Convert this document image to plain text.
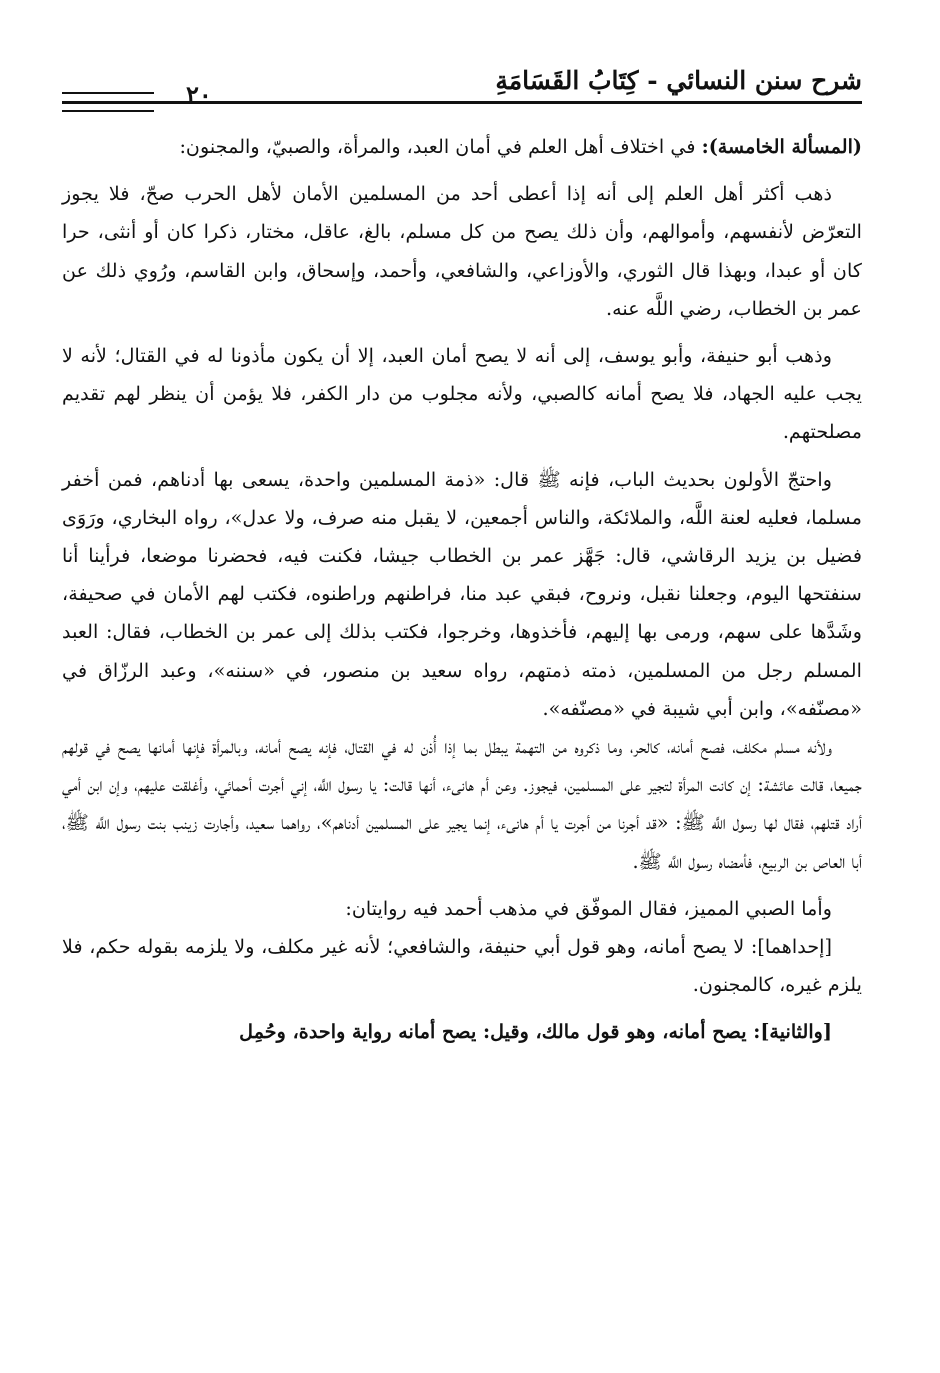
شرح سنن النسائي - كِتَابُ القَسَامَةِ
٢٠

(المسألة الخامسة): في اختلاف أهل العلم في أمان العبد، والمرأة، والصبيّ، والمجنون:

ذهب أكثر أهل العلم إلى أنه إذا أعطى أحد من المسلمين الأمان لأهل الحرب صحّ، فلا يجوز التعرّض لأنفسهم، وأموالهم، وأن ذلك يصح من كل مسلم، بالغ، عاقل، مختار، ذكرا كان أو أنثى، حرا كان أو عبدا، وبهذا قال الثوري، والأوزاعي، والشافعي، وأحمد، وإسحاق، وابن القاسم، ورُوي ذلك عن عمر بن الخطاب، رضي اللَّه عنه.

وذهب أبو حنيفة، وأبو يوسف، إلى أنه لا يصح أمان العبد، إلا أن يكون مأذونا له في القتال؛ لأنه لا يجب عليه الجهاد، فلا يصح أمانه كالصبي، ولأنه مجلوب من دار الكفر، فلا يؤمن أن ينظر لهم تقديم مصلحتهم.

واحتجّ الأولون بحديث الباب، فإنه ﷺ قال: «ذمة المسلمين واحدة، يسعى بها أدناهم، فمن أخفر مسلما، فعليه لعنة اللَّه، والملائكة، والناس أجمعين، لا يقبل منه صرف، ولا عدل»، رواه البخاري، ورَوَى فضيل بن يزيد الرقاشي، قال: جَهَّز عمر بن الخطاب جيشا، فكنت فيه، فحضرنا موضعا، فرأينا أنا سنفتحها اليوم، وجعلنا نقبل، ونروح، فبقي عبد منا، فراطنهم وراطنوه، فكتب لهم الأمان في صحيفة، وشَدَّها على سهم، ورمى بها إليهم، فأخذوها، وخرجوا، فكتب بذلك إلى عمر بن الخطاب، فقال: العبد المسلم رجل من المسلمين، ذمته ذمتهم، رواه سعيد بن منصور، في «سننه»، وعبد الرزّاق في «مصنّفه»، وابن أبي شيبة في «مصنّفه».

ولأنه مسلم مكلف، فصح أمانه، كالحر، وما ذكروه من التهمة يبطل بما إذا أُذن له في القتال، فإنه يصح أمانه، وبالمرأة فإنها أمانها يصح في قولهم جميعا، قالت عائشة: إن كانت المرأة لتجير على المسلمين، فيجوز. وعن أم هانىء، أنها قالت: يا رسول اللَّه، إني أجرت أحمائي، وأغلقت عليهم، وإن ابن أمي أراد قتلهم، فقال لها رسول اللَّه ﷺ: «قد أجرنا من أجرت يا أم هانىء، إنما يجير على المسلمين أدناهم»، رواهما سعيد، وأجارت زينب بنت رسول اللَّه ﷺ، أبا العاص بن الربيع، فأمضاه رسول اللَّه ﷺ.

وأما الصبي المميز، فقال الموفّق في مذهب أحمد فيه روايتان:

[إحداهما]: لا يصح أمانه، وهو قول أبي حنيفة، والشافعي؛ لأنه غير مكلف، ولا يلزمه بقوله حكم، فلا يلزم غيره، كالمجنون.

[والثانية]: يصح أمانه، وهو قول مالك، وقيل: يصح أمانه رواية واحدة، وحُمِل
